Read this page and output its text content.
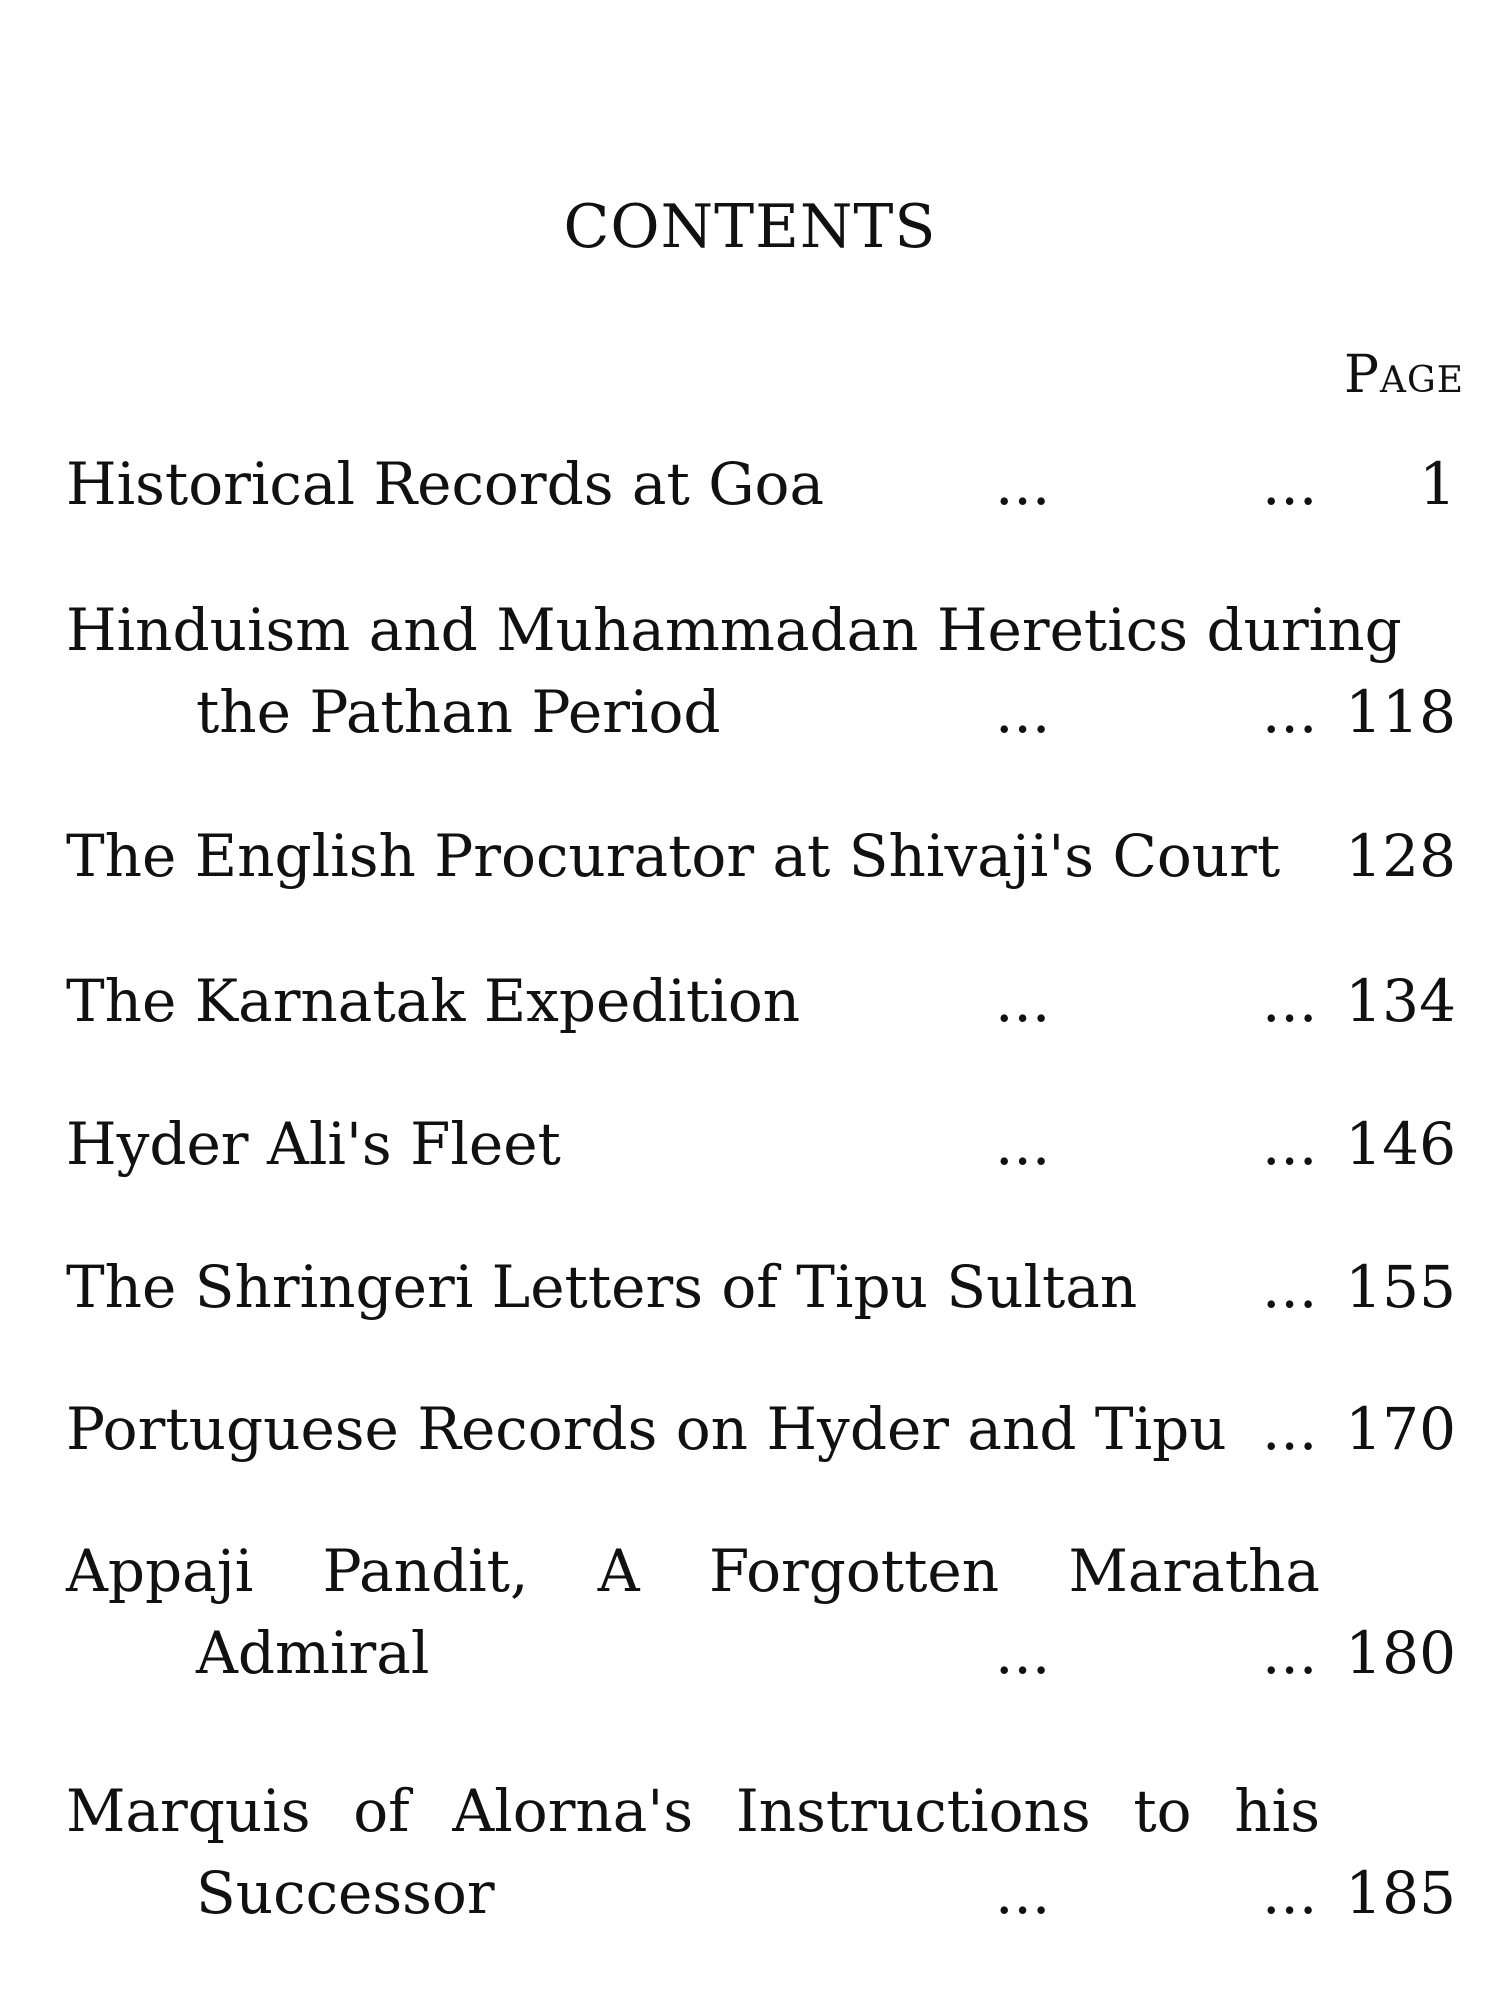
CONTENTS
Page
Historical Records at Goa	...	... 1
Hinduism and Muhammadan Heretics during
the Pathan Period	...	... 118
The English Procurator at Shivaji's Court 128
The Karnatak Expedition	...	... 134
Hyder Ali's Fleet	...	... 146
The Shringeri Letters of Tipu Sultan ... 155
Portuguese Records on Hyder and Tipu ... 170
Appaji Pandit, A Forgotten Maratha
Admiral	...	... 180
Marquis of Alorna's Instructions to his
Successor	...	... 185
